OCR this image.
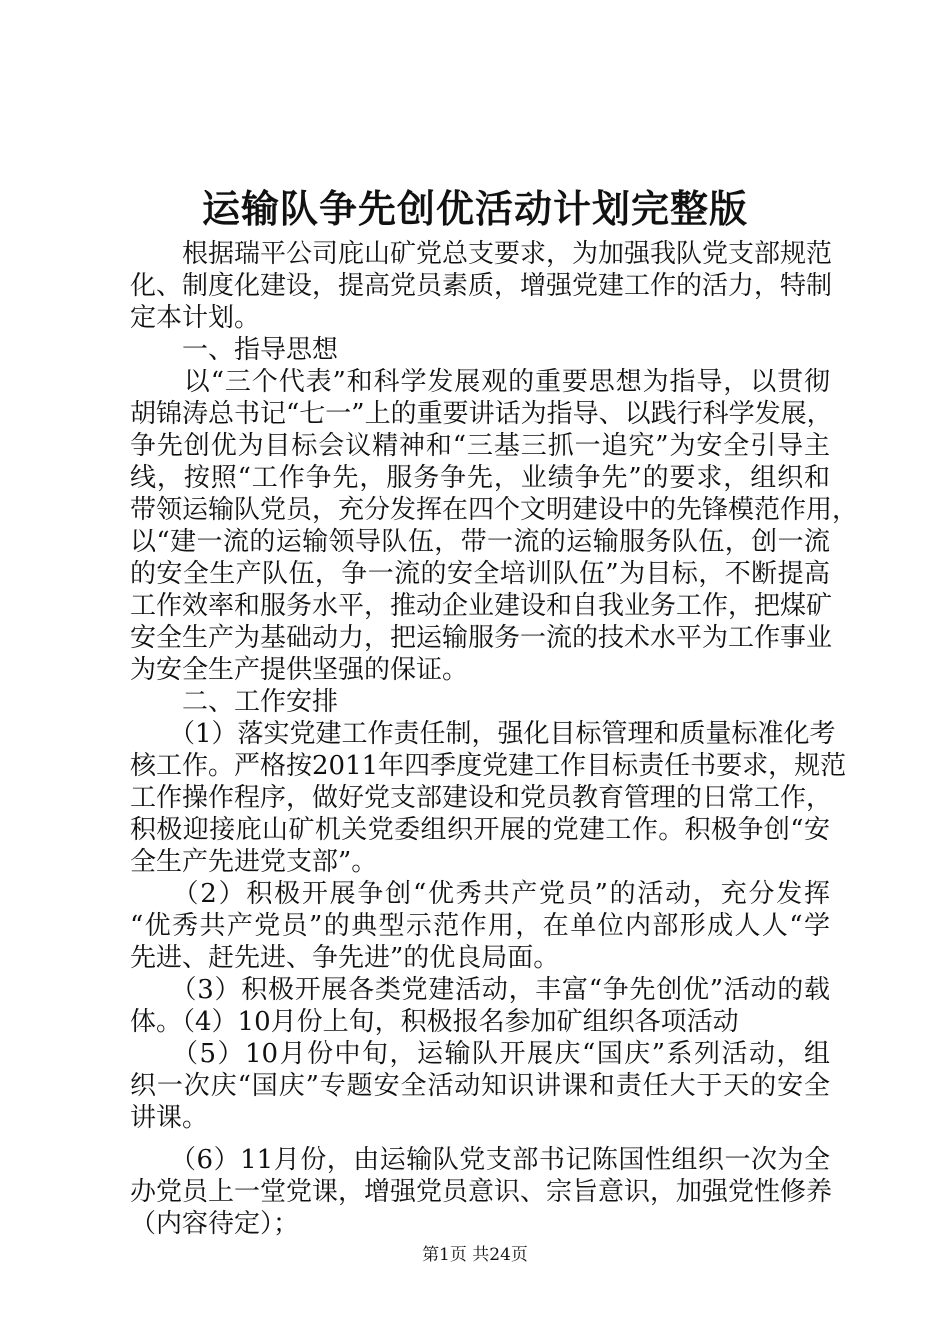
运输队争先创优活动计划完整版
　　根据瑞平公司庇山矿党总支要求，为加强我队党支部规范
化、制度化建设，提高党员素质，增强党建工作的活力，特制
定本计划。
　　一、指导思想
　　以“三个代表”和科学发展观的重要思想为指导，以贯彻
胡锦涛总书记“七一”上的重要讲话为指导、以践行科学发展，
争先创优为目标会议精神和“三基三抓一追究”为安全引导主
线，按照“工作争先，服务争先，业绩争先”的要求，组织和
带领运输队党员，充分发挥在四个文明建设中的先锋模范作用，
以“建一流的运输领导队伍，带一流的运输服务队伍，创一流
的安全生产队伍，争一流的安全培训队伍”为目标，不断提高
工作效率和服务水平，推动企业建设和自我业务工作，把煤矿
安全生产为基础动力，把运输服务一流的技术水平为工作事业
为安全生产提供坚强的保证。
　　二、工作安排
　　（1）落实党建工作责任制，强化目标管理和质量标准化考
核工作。严格按2011年四季度党建工作目标责任书要求，规范
工作操作程序，做好党支部建设和党员教育管理的日常工作，
积极迎接庇山矿机关党委组织开展的党建工作。积极争创“安
全生产先进党支部”。
　　（2）积极开展争创“优秀共产党员”的活动，充分发挥
“优秀共产党员”的典型示范作用，在单位内部形成人人“学
先进、赶先进、争先进”的优良局面。
　　（3）积极开展各类党建活动，丰富“争先创优”活动的载
体。（4）10月份上旬，积极报名参加矿组织各项活动
　　（5）10月份中旬，运输队开展庆“国庆”系列活动，组
织一次庆“国庆”专题安全活动知识讲课和责任大于天的安全
讲课。
　　（6）11月份，由运输队党支部书记陈国性组织一次为全
办党员上一堂党课，增强党员意识、宗旨意识，加强党性修养
（内容待定）；
第1页 共24页
